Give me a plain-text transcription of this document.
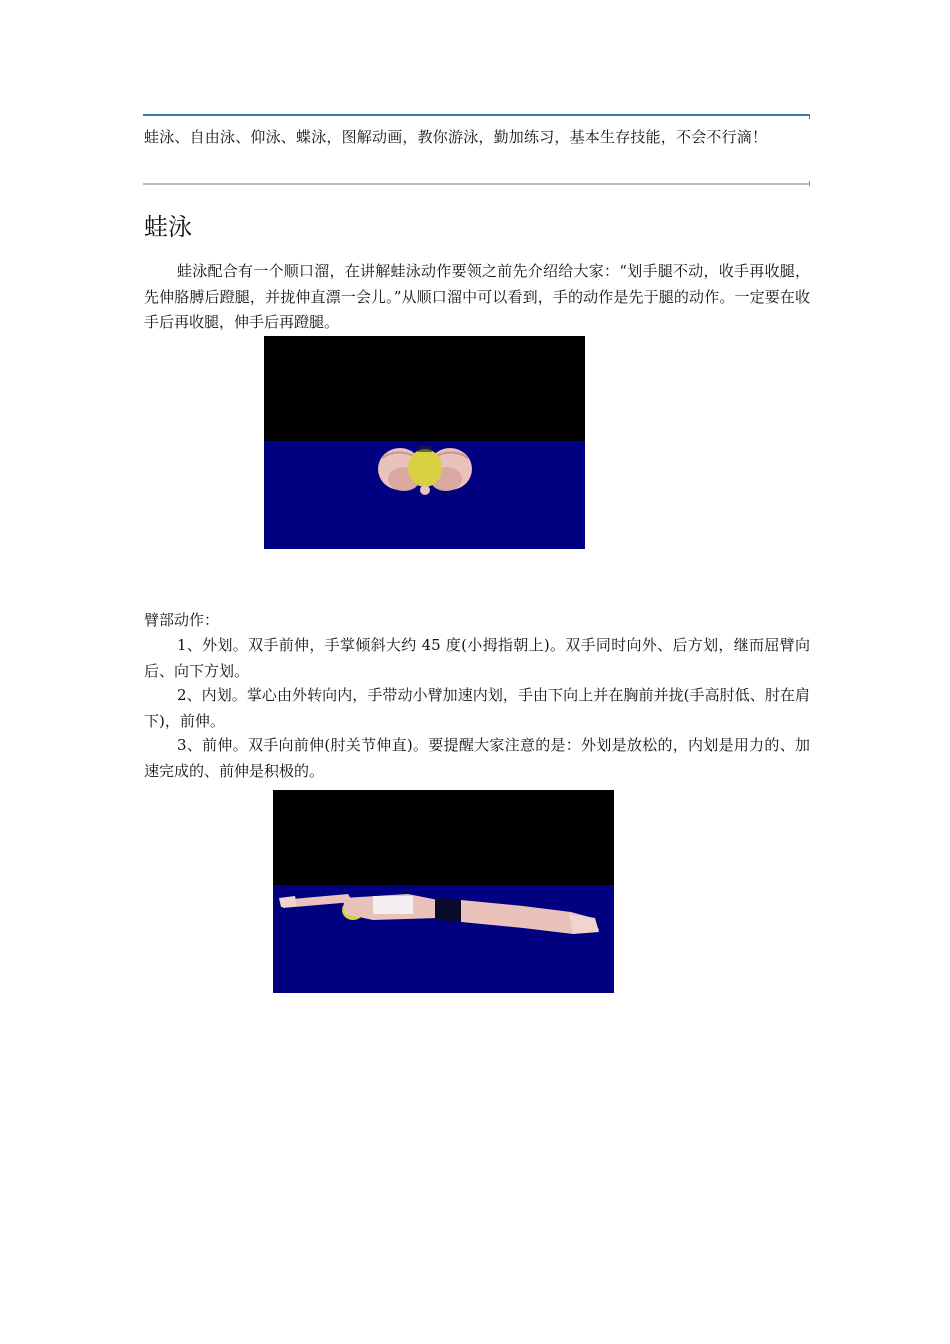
蛙泳、自由泳、仰泳、蝶泳，图解动画，教你游泳，勤加练习，基本生存技能，不会不行滴！

蛙泳

蛙泳配合有一个顺口溜，在讲解蛙泳动作要领之前先介绍给大家：“划手腿不动，收手再收腿，先伸胳膊后蹬腿，并拢伸直漂一会儿。”从顺口溜中可以看到，手的动作是先于腿的动作。一定要在收手后再收腿，伸手后再蹬腿。

臂部动作：

1、外划。双手前伸，手掌倾斜大约 45 度(小拇指朝上)。双手同时向外、后方划，继而屈臂向后、向下方划。

2、内划。掌心由外转向内，手带动小臂加速内划，手由下向上并在胸前并拢(手高肘低、肘在肩下)，前伸。

3、前伸。双手向前伸(肘关节伸直)。要提醒大家注意的是：外划是放松的，内划是用力的、加速完成的、前伸是积极的。
